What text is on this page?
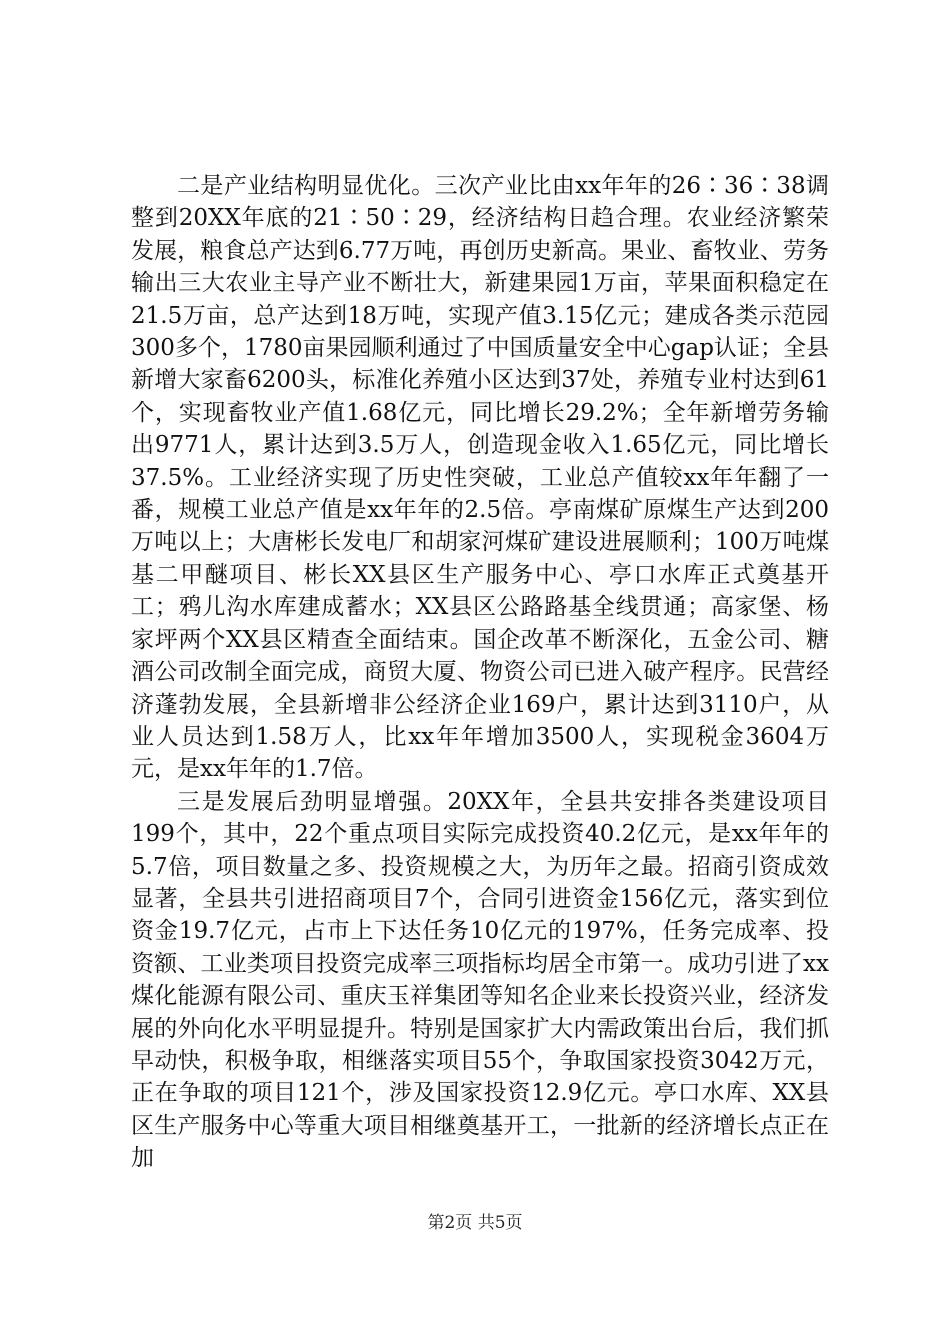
二是产业结构明显优化。三次产业比由xx年年的26∶36∶38调整到20XX年底的21∶50∶29，经济结构日趋合理。农业经济繁荣发展，粮食总产达到6.77万吨，再创历史新高。果业、畜牧业、劳务输出三大农业主导产业不断壮大，新建果园1万亩，苹果面积稳定在21.5万亩，总产达到18万吨，实现产值3.15亿元；建成各类示范园300多个，1780亩果园顺利通过了中国质量安全中心gap认证；全县新增大家畜6200头，标准化养殖小区达到37处，养殖专业村达到61个，实现畜牧业产值1.68亿元，同比增长29.2%；全年新增劳务输出9771人，累计达到3.5万人，创造现金收入1.65亿元，同比增长37.5%。工业经济实现了历史性突破，工业总产值较xx年年翻了一番，规模工业总产值是xx年年的2.5倍。亭南煤矿原煤生产达到200万吨以上；大唐彬长发电厂和胡家河煤矿建设进展顺利；100万吨煤基二甲醚项目、彬长XX县区生产服务中心、亭口水库正式奠基开工；鸦儿沟水库建成蓄水；XX县区公路路基全线贯通；高家堡、杨家坪两个XX县区精查全面结束。国企改革不断深化，五金公司、糖酒公司改制全面完成，商贸大厦、物资公司已进入破产程序。民营经济蓬勃发展，全县新增非公经济企业169户，累计达到3110户，从业人员达到1.58万人，比xx年年增加3500人，实现税金3604万元，是xx年年的1.7倍。

三是发展后劲明显增强。20XX年，全县共安排各类建设项目199个，其中，22个重点项目实际完成投资40.2亿元，是xx年年的5.7倍，项目数量之多、投资规模之大，为历年之最。招商引资成效显著，全县共引进招商项目7个，合同引进资金156亿元，落实到位资金19.7亿元，占市上下达任务10亿元的197%，任务完成率、投资额、工业类项目投资完成率三项指标均居全市第一。成功引进了xx煤化能源有限公司、重庆玉祥集团等知名企业来长投资兴业，经济发展的外向化水平明显提升。特别是国家扩大内需政策出台后，我们抓早动快，积极争取，相继落实项目55个，争取国家投资3042万元，正在争取的项目121个，涉及国家投资12.9亿元。亭口水库、XX县区生产服务中心等重大项目相继奠基开工，一批新的经济增长点正在加

第2页 共5页
